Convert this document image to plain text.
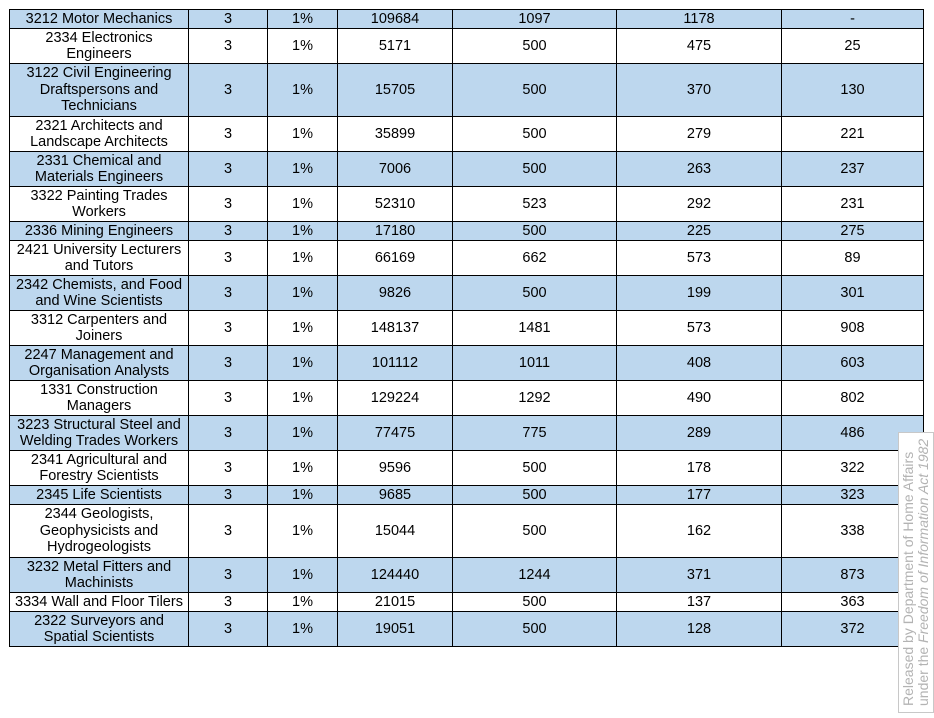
3212 Motor Mechanics	3	1%	109684	1097	1178	-
2334 Electronics
Engineers	3	1%	5171	500	475	25
3122 Civil Engineering
Draftspersons and
Technicians	3	1%	15705	500	370	130
2321 Architects and
Landscape Architects	3	1%	35899	500	279	221
2331 Chemical and
Materials Engineers	3	1%	7006	500	263	237
3322 Painting Trades
Workers	3	1%	52310	523	292	231
2336 Mining Engineers	3	1%	17180	500	225	275
2421 University Lecturers
and Tutors	3	1%	66169	662	573	89
2342 Chemists, and Food
and Wine Scientists	3	1%	9826	500	199	301
3312 Carpenters and
Joiners	3	1%	148137	1481	573	908
2247 Management and
Organisation Analysts	3	1%	101112	1011	408	603
1331 Construction
Managers	3	1%	129224	1292	490	802
3223 Structural Steel and
Welding Trades Workers	3	1%	77475	775	289	486
2341 Agricultural and
Forestry Scientists	3	1%	9596	500	178	322
2345 Life Scientists	3	1%	9685	500	177	323
2344 Geologists,
Geophysicists and
Hydrogeologists	3	1%	15044	500	162	338
3232 Metal Fitters and
Machinists	3	1%	124440	1244	371	873
3334 Wall and Floor Tilers	3	1%	21015	500	137	363
2322 Surveyors and
Spatial Scientists	3	1%	19051	500	128	372	Released by Department of Home Affairs under the Freedom of Information Act 1982
